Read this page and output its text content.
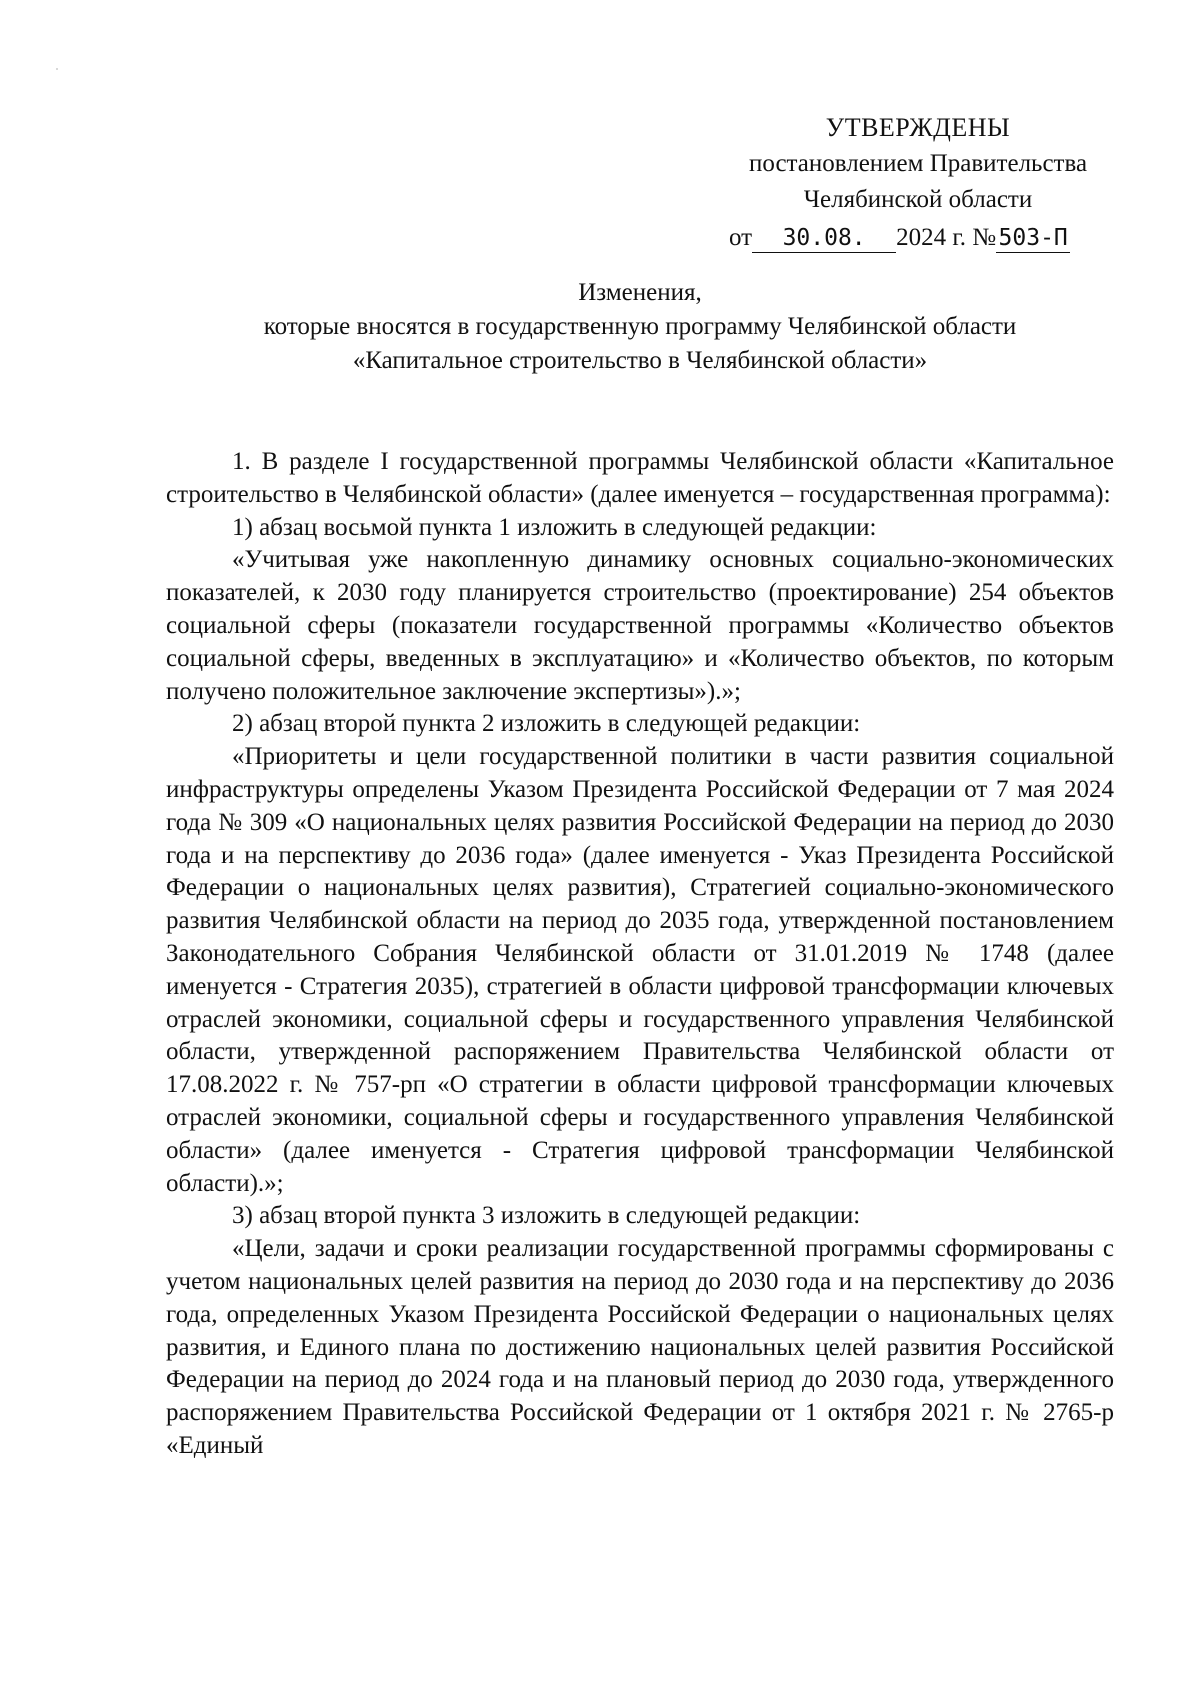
УТВЕРЖДЕНЫ
постановлением Правительства
Челябинской области
от 30.08. 2024 г. № 503-П
Изменения,
которые вносятся в государственную программу Челябинской области
«Капитальное строительство в Челябинской области»

1. В разделе I государственной программы Челябинской области «Капитальное строительство в Челябинской области» (далее именуется – государственная программа):

1) абзац восьмой пункта 1 изложить в следующей редакции:

«Учитывая уже накопленную динамику основных социально-экономических показателей, к 2030 году планируется строительство (проектирование) 254 объектов социальной сферы (показатели государственной программы «Количество объектов социальной сферы, введенных в эксплуатацию» и «Количество объектов, по которым получено положительное заключение экспертизы»).»;

2) абзац второй пункта 2 изложить в следующей редакции:

«Приоритеты и цели государственной политики в части развития социальной инфраструктуры определены Указом Президента Российской Федерации от 7 мая 2024 года № 309 «О национальных целях развития Российской Федерации на период до 2030 года и на перспективу до 2036 года» (далее именуется - Указ Президента Российской Федерации о национальных целях развития), Стратегией социально-экономического развития Челябинской области на период до 2035 года, утвержденной постановлением Законодательного Собрания Челябинской области от 31.01.2019 № 1748 (далее именуется - Стратегия 2035), стратегией в области цифровой трансформации ключевых отраслей экономики, социальной сферы и государственного управления Челябинской области, утвержденной распоряжением Правительства Челябинской области от 17.08.2022 г. № 757-рп «О стратегии в области цифровой трансформации ключевых отраслей экономики, социальной сферы и государственного управления Челябинской области» (далее именуется - Стратегия цифровой трансформации Челябинской области).»;

3) абзац второй пункта 3 изложить в следующей редакции:

«Цели, задачи и сроки реализации государственной программы сформированы с учетом национальных целей развития на период до 2030 года и на перспективу до 2036 года, определенных Указом Президента Российской Федерации о национальных целях развития, и Единого плана по достижению национальных целей развития Российской Федерации на период до 2024 года и на плановый период до 2030 года, утвержденного распоряжением Правительства Российской Федерации от 1 октября 2021 г. № 2765-р «Единый
